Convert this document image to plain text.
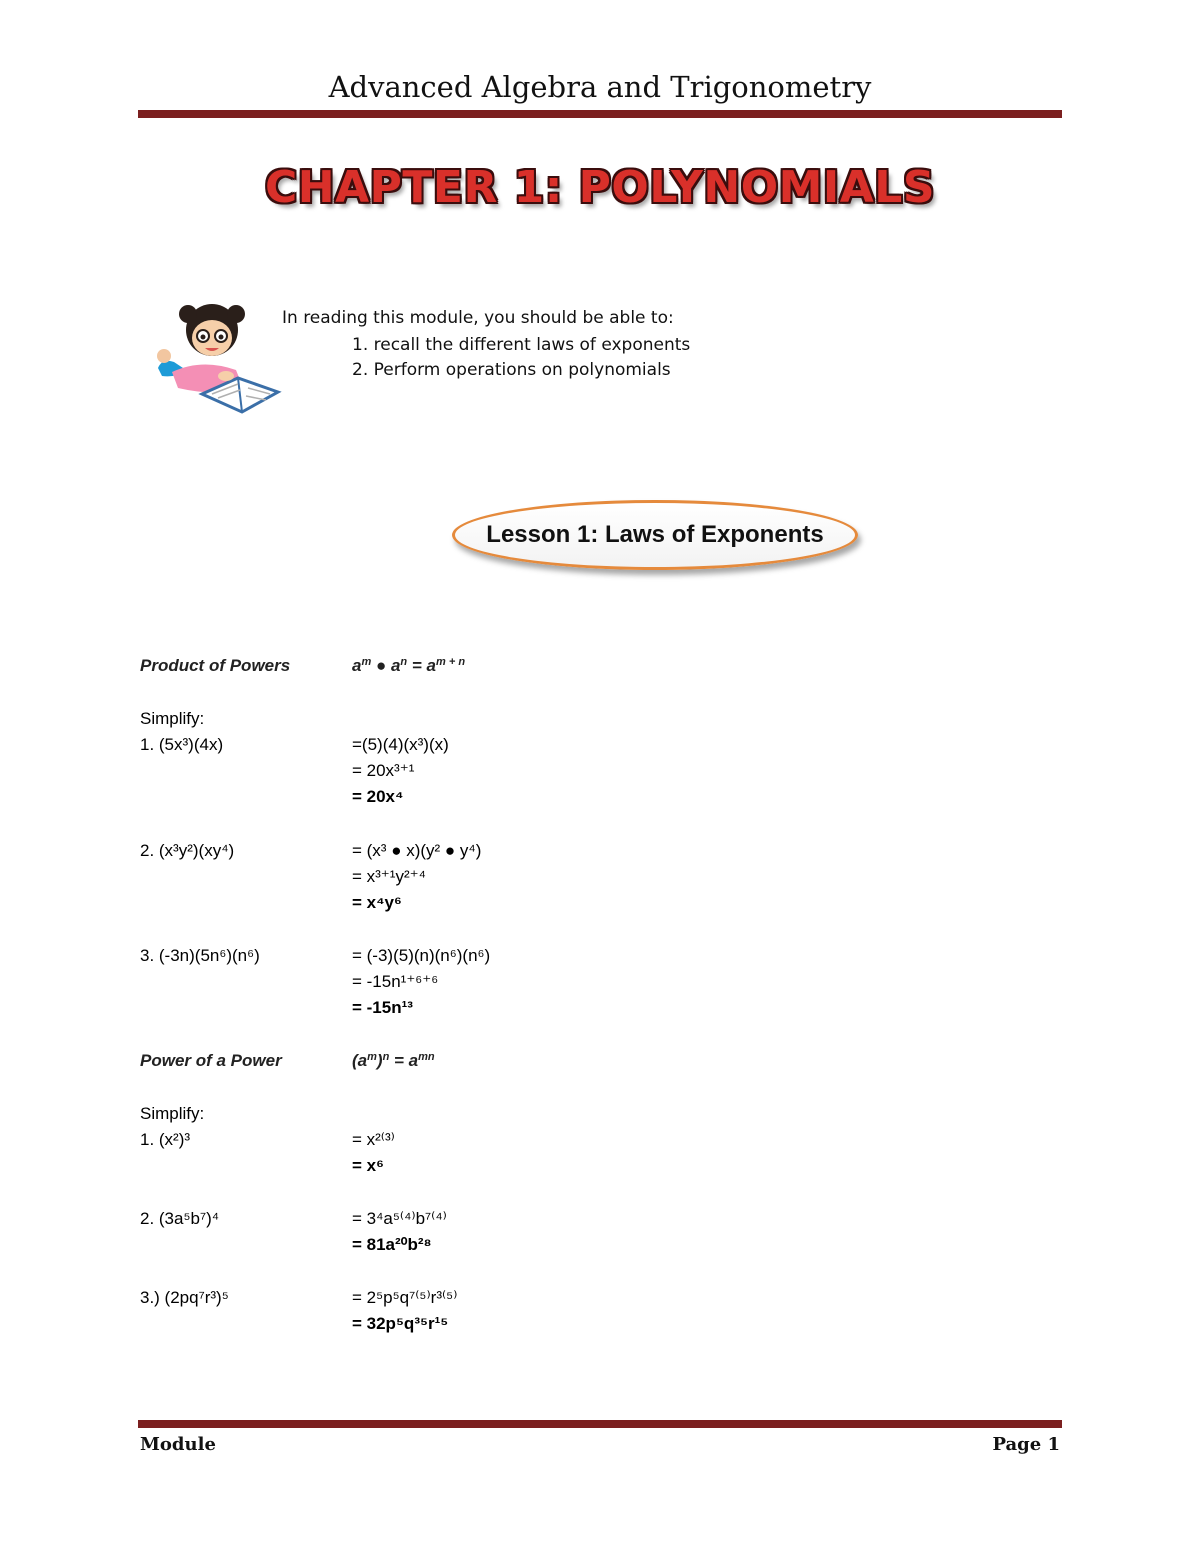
Advanced Algebra and Trigonometry
CHAPTER 1: POLYNOMIALS
In reading this module, you should be able to:
1. recall the different laws of exponents
2. Perform operations on polynomials
Lesson 1: Laws of Exponents
Product of Powers	$a^m$ ● $a^n = a^{m + n}$
Simplify:
1. (5x³)(4x)	=(5)(4)(x³)(x)
= 20x³⁺¹
= 20x⁴
2. (x³y²)(xy⁴)	= (x³ ● x)(y² ● y⁴)
= x³⁺¹y²⁺⁴
= x⁴y⁶
3. (-3n)(5n⁶)(n⁶)	= (-3)(5)(n)(n⁶)(n⁶)
= -15n¹⁺⁶⁺⁶
= -15n¹³
Power of a Power	$(a^m)^n = a^{mn}$
Simplify:
1. (x²)³	= x²⁽³⁾
= x⁶
2. (3a⁵b⁷)⁴	= 3⁴a⁵⁽⁴⁾b⁷⁽⁴⁾
= 81a²⁰b²⁸
3.) (2pq⁷r³)⁵	= 2⁵p⁵q⁷⁽⁵⁾r³⁽⁵⁾
= 32p⁵q³⁵r¹⁵
Module	Page 1
